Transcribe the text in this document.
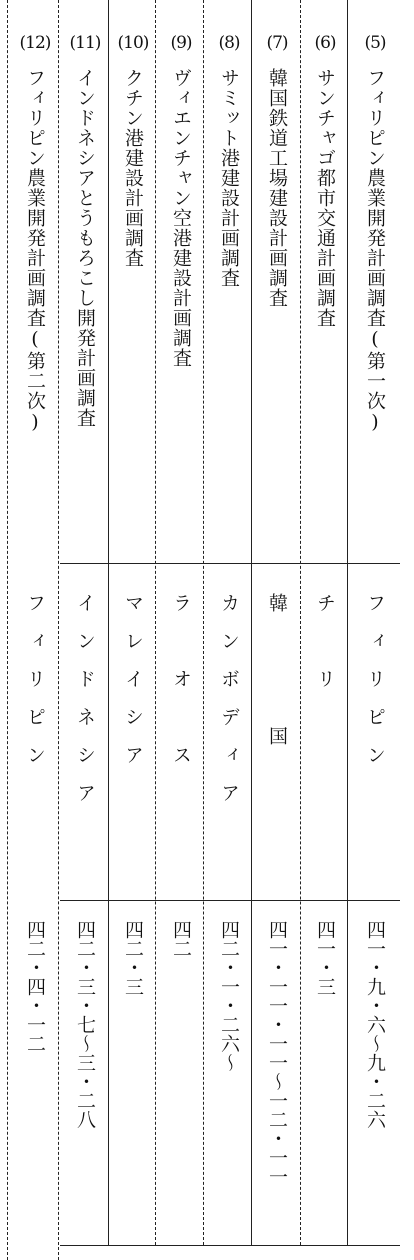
(12)
フィリピン農業開発計画調査(第二次)
フ　ィ　リ　ピ　ン
四二・四・一二
(11)
インドネシアとうもろこし開発計画調査
イ　ン　ド　ネ　シ　ア
四二・三・七〜三・二八
(10)
クチン港建設計画調査
マ　レ　イ　シ　ア
四二・三
(9)
ヴィエンチャン空港建設計画調査
ラ　　　オ　　　ス
四二
(8)
サミット港建設計画調査
カ　ン　ボ　デ　ィ　ア
四二・一・二六〜
(7)
韓国鉄道工場建設計画調査
韓　　　　　　国
四一・一一・一一〜一二・一一
(6)
サンチャゴ都市交通計画調査
チ　　　リ
四一・三
(5)
フィリピン農業開発計画調査(第一次)
フ　ィ　リ　ピ　ン
四一・九・六〜九・二六
